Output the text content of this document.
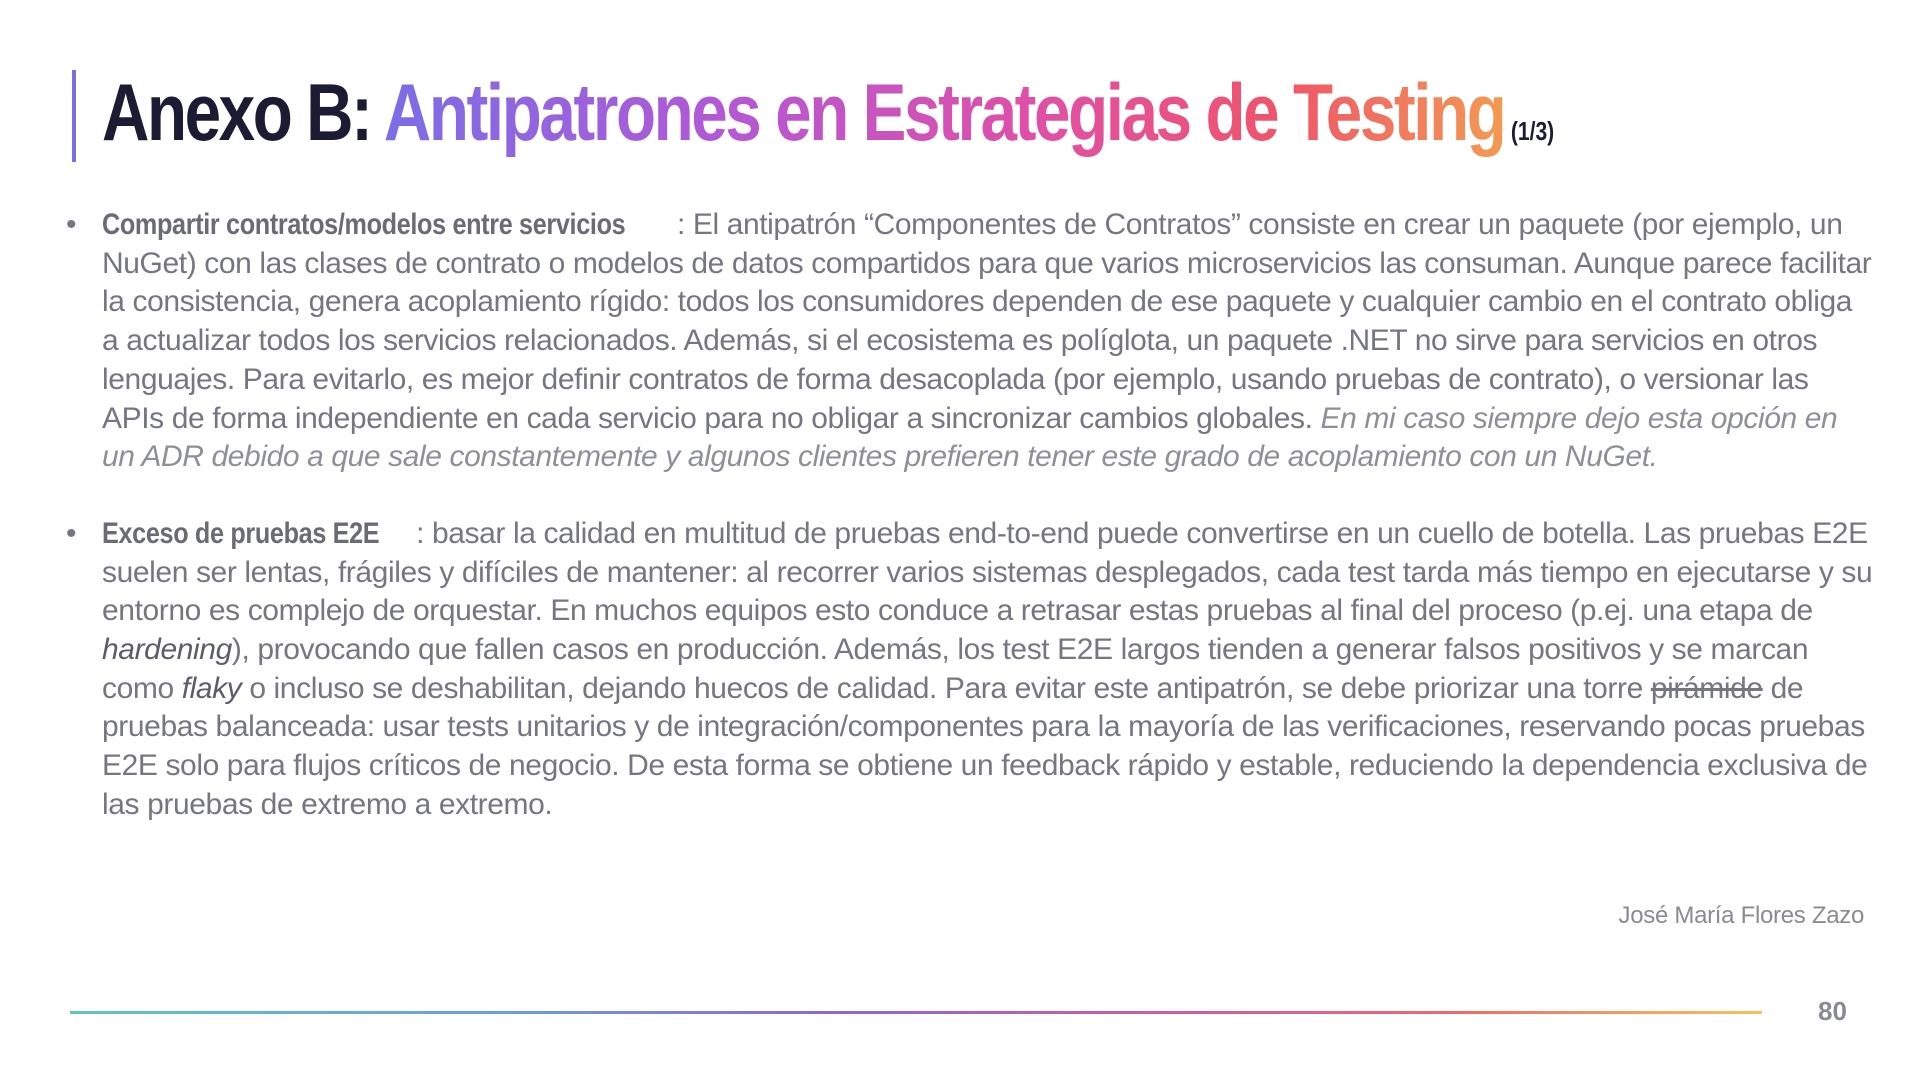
Anexo B: Antipatrones en Estrategias de Testing (1/3)
• Compartir contratos/modelos entre servicios : El antipatrón “Componentes de Contratos” consiste en crear un paquete (por ejemplo, un NuGet) con las clases de contrato o modelos de datos compartidos para que varios microservicios las consuman. Aunque parece facilitar la consistencia, genera acoplamiento rígido: todos los consumidores dependen de ese paquete y cualquier cambio en el contrato obliga a actualizar todos los servicios relacionados. Además, si el ecosistema es políglota, un paquete .NET no sirve para servicios en otros lenguajes. Para evitarlo, es mejor definir contratos de forma desacoplada (por ejemplo, usando pruebas de contrato), o versionar las APIs de forma independiente en cada servicio para no obligar a sincronizar cambios globales. En mi caso siempre dejo esta opción en un ADR debido a que sale constantemente y algunos clientes prefieren tener este grado de acoplamiento con un NuGet.
• Exceso de pruebas E2E : basar la calidad en multitud de pruebas end-to-end puede convertirse en un cuello de botella. Las pruebas E2E suelen ser lentas, frágiles y difíciles de mantener: al recorrer varios sistemas desplegados, cada test tarda más tiempo en ejecutarse y su entorno es complejo de orquestar. En muchos equipos esto conduce a retrasar estas pruebas al final del proceso (p.ej. una etapa de hardening), provocando que fallen casos en producción. Además, los test E2E largos tienden a generar falsos positivos y se marcan como flaky o incluso se deshabilitan, dejando huecos de calidad. Para evitar este antipatrón, se debe priorizar una torre pirámide de pruebas balanceada: usar tests unitarios y de integración/componentes para la mayoría de las verificaciones, reservando pocas pruebas E2E solo para flujos críticos de negocio. De esta forma se obtiene un feedback rápido y estable, reduciendo la dependencia exclusiva de las pruebas de extremo a extremo.
José María Flores Zazo
80
